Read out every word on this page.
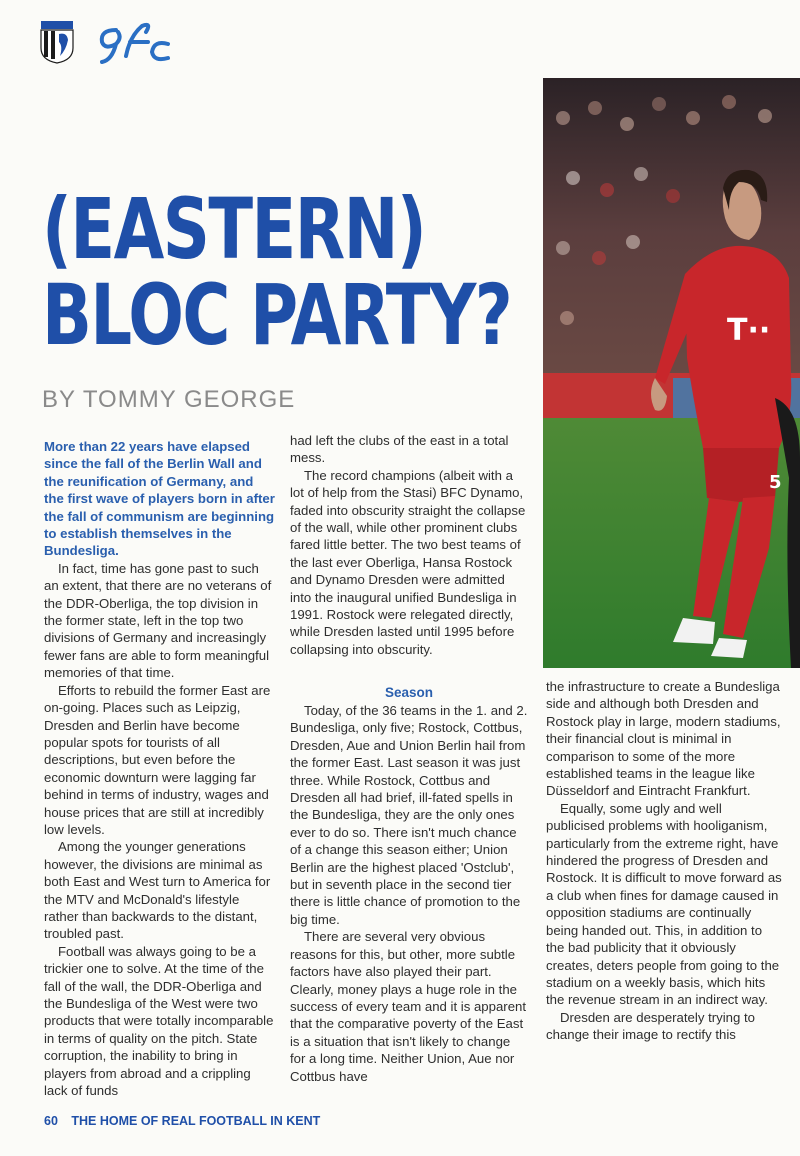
T··
5
(EASTERN)
BLOC PARTY?
BY TOMMY GEORGE

More than 22 years have elapsed since the fall of the Berlin Wall and the reunification of Germany, and the first wave of players born in after the fall of communism are beginning to establish themselves in the Bundesliga.

In fact, time has gone past to such an extent, that there are no veterans of the DDR-Oberliga, the top division in the former state, left in the top two divisions of Germany and increasingly fewer fans are able to form meaningful memories of that time.

Efforts to rebuild the former East are on-going. Places such as Leipzig, Dresden and Berlin have become popular spots for tourists of all descriptions, but even before the economic downturn were lagging far behind in terms of industry, wages and house prices that are still at incredibly low levels.

Among the younger generations however, the divisions are minimal as both East and West turn to America for the MTV and McDonald's lifestyle rather than backwards to the distant, troubled past.

Football was always going to be a trickier one to solve. At the time of the fall of the wall, the DDR-Oberliga and the Bundesliga of the West were two products that were totally incomparable in terms of quality on the pitch. State corruption, the inability to bring in players from abroad and a crippling lack of funds

had left the clubs of the east in a total mess.

The record champions (albeit with a lot of help from the Stasi) BFC Dynamo, faded into obscurity straight the collapse of the wall, while other prominent clubs fared little better. The two best teams of the last ever Oberliga, Hansa Rostock and Dynamo Dresden were admitted into the inaugural unified Bundesliga in 1991. Rostock were relegated directly, while Dresden lasted until 1995 before collapsing into obscurity.

Season

Today, of the 36 teams in the 1. and 2. Bundesliga, only five; Rostock, Cottbus, Dresden, Aue and Union Berlin hail from the former East. Last season it was just three. While Rostock, Cottbus and Dresden all had brief, ill-fated spells in the Bundesliga, they are the only ones ever to do so. There isn't much chance of a change this season either; Union Berlin are the highest placed 'Ostclub', but in seventh place in the second tier there is little chance of promotion to the big time.

There are several very obvious reasons for this, but other, more subtle factors have also played their part. Clearly, money plays a huge role in the success of every team and it is apparent that the comparative poverty of the East is a situation that isn't likely to change for a long time. Neither Union, Aue nor Cottbus have

the infrastructure to create a Bundesliga side and although both Dresden and Rostock play in large, modern stadiums, their financial clout is minimal in comparison to some of the more established teams in the league like Düsseldorf and Eintracht Frankfurt.

Equally, some ugly and well publicised problems with hooliganism, particularly from the extreme right, have hindered the progress of Dresden and Rostock. It is difficult to move forward as a club when fines for damage caused in opposition stadiums are continually being handed out. This, in addition to the bad publicity that it obviously creates, deters people from going to the stadium on a weekly basis, which hits the revenue stream in an indirect way.

Dresden are desperately trying to change their image to rectify this

60 THE HOME OF REAL FOOTBALL IN KENT
